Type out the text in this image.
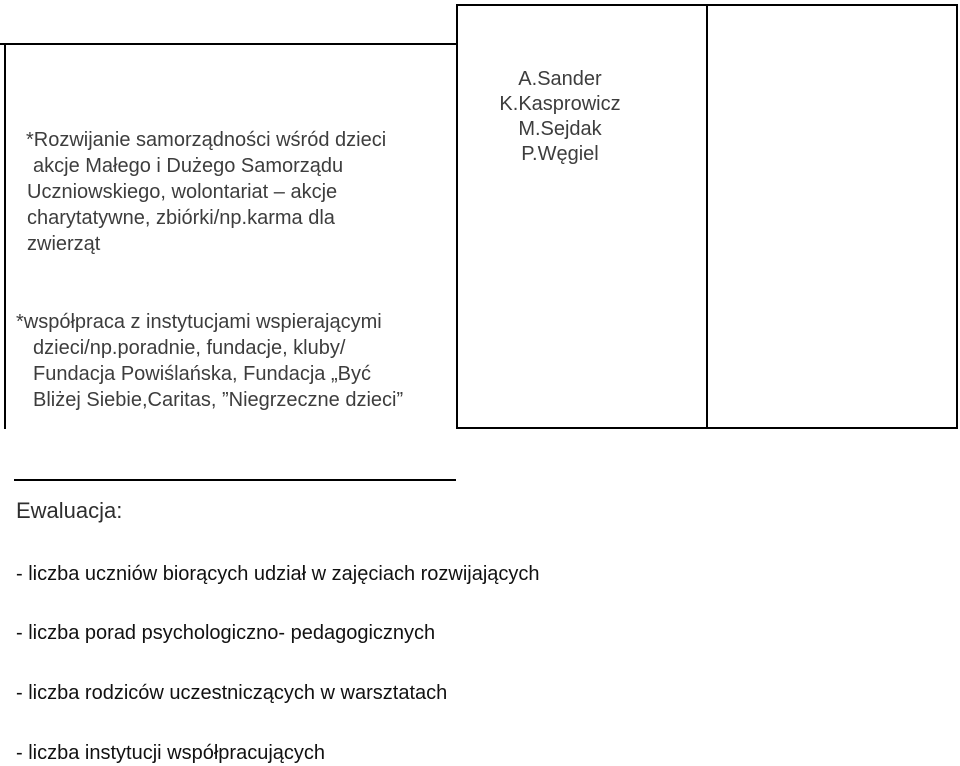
*Rozwijanie samorządności wśród dzieci
akcje Małego i Dużego Samorządu
Uczniowskiego, wolontariat – akcje
charytatywne, zbiórki/np.karma dla
zwierząt
*współpraca z instytucjami wspierającymi
dzieci/np.poradnie, fundacje, kluby/
Fundacja Powiślańska, Fundacja „Być
Bliżej Siebie,Caritas, ”Niegrzeczne dzieci”
A.Sander
K.Kasprowicz
M.Sejdak
P.Węgiel
Ewaluacja:
- liczba uczniów biorących udział w zajęciach rozwijających
- liczba porad psychologiczno- pedagogicznych
- liczba rodziców uczestniczących w warsztatach
- liczba instytucji współpracujących
